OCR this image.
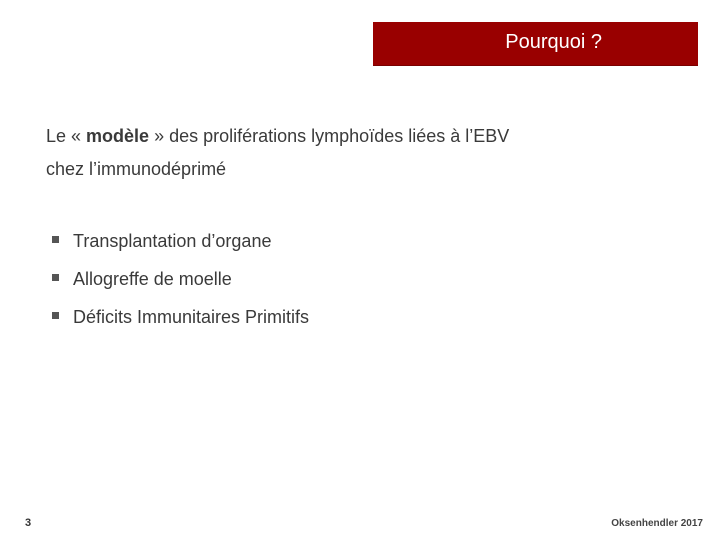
Pourquoi ?
Le « modèle » des proliférations lymphoïdes liées à l’EBV
chez l’immunodéprimé
Transplantation d’organe
Allogreffe de moelle
Déficits Immunitaires Primitifs
3	Oksenhendler 2017
